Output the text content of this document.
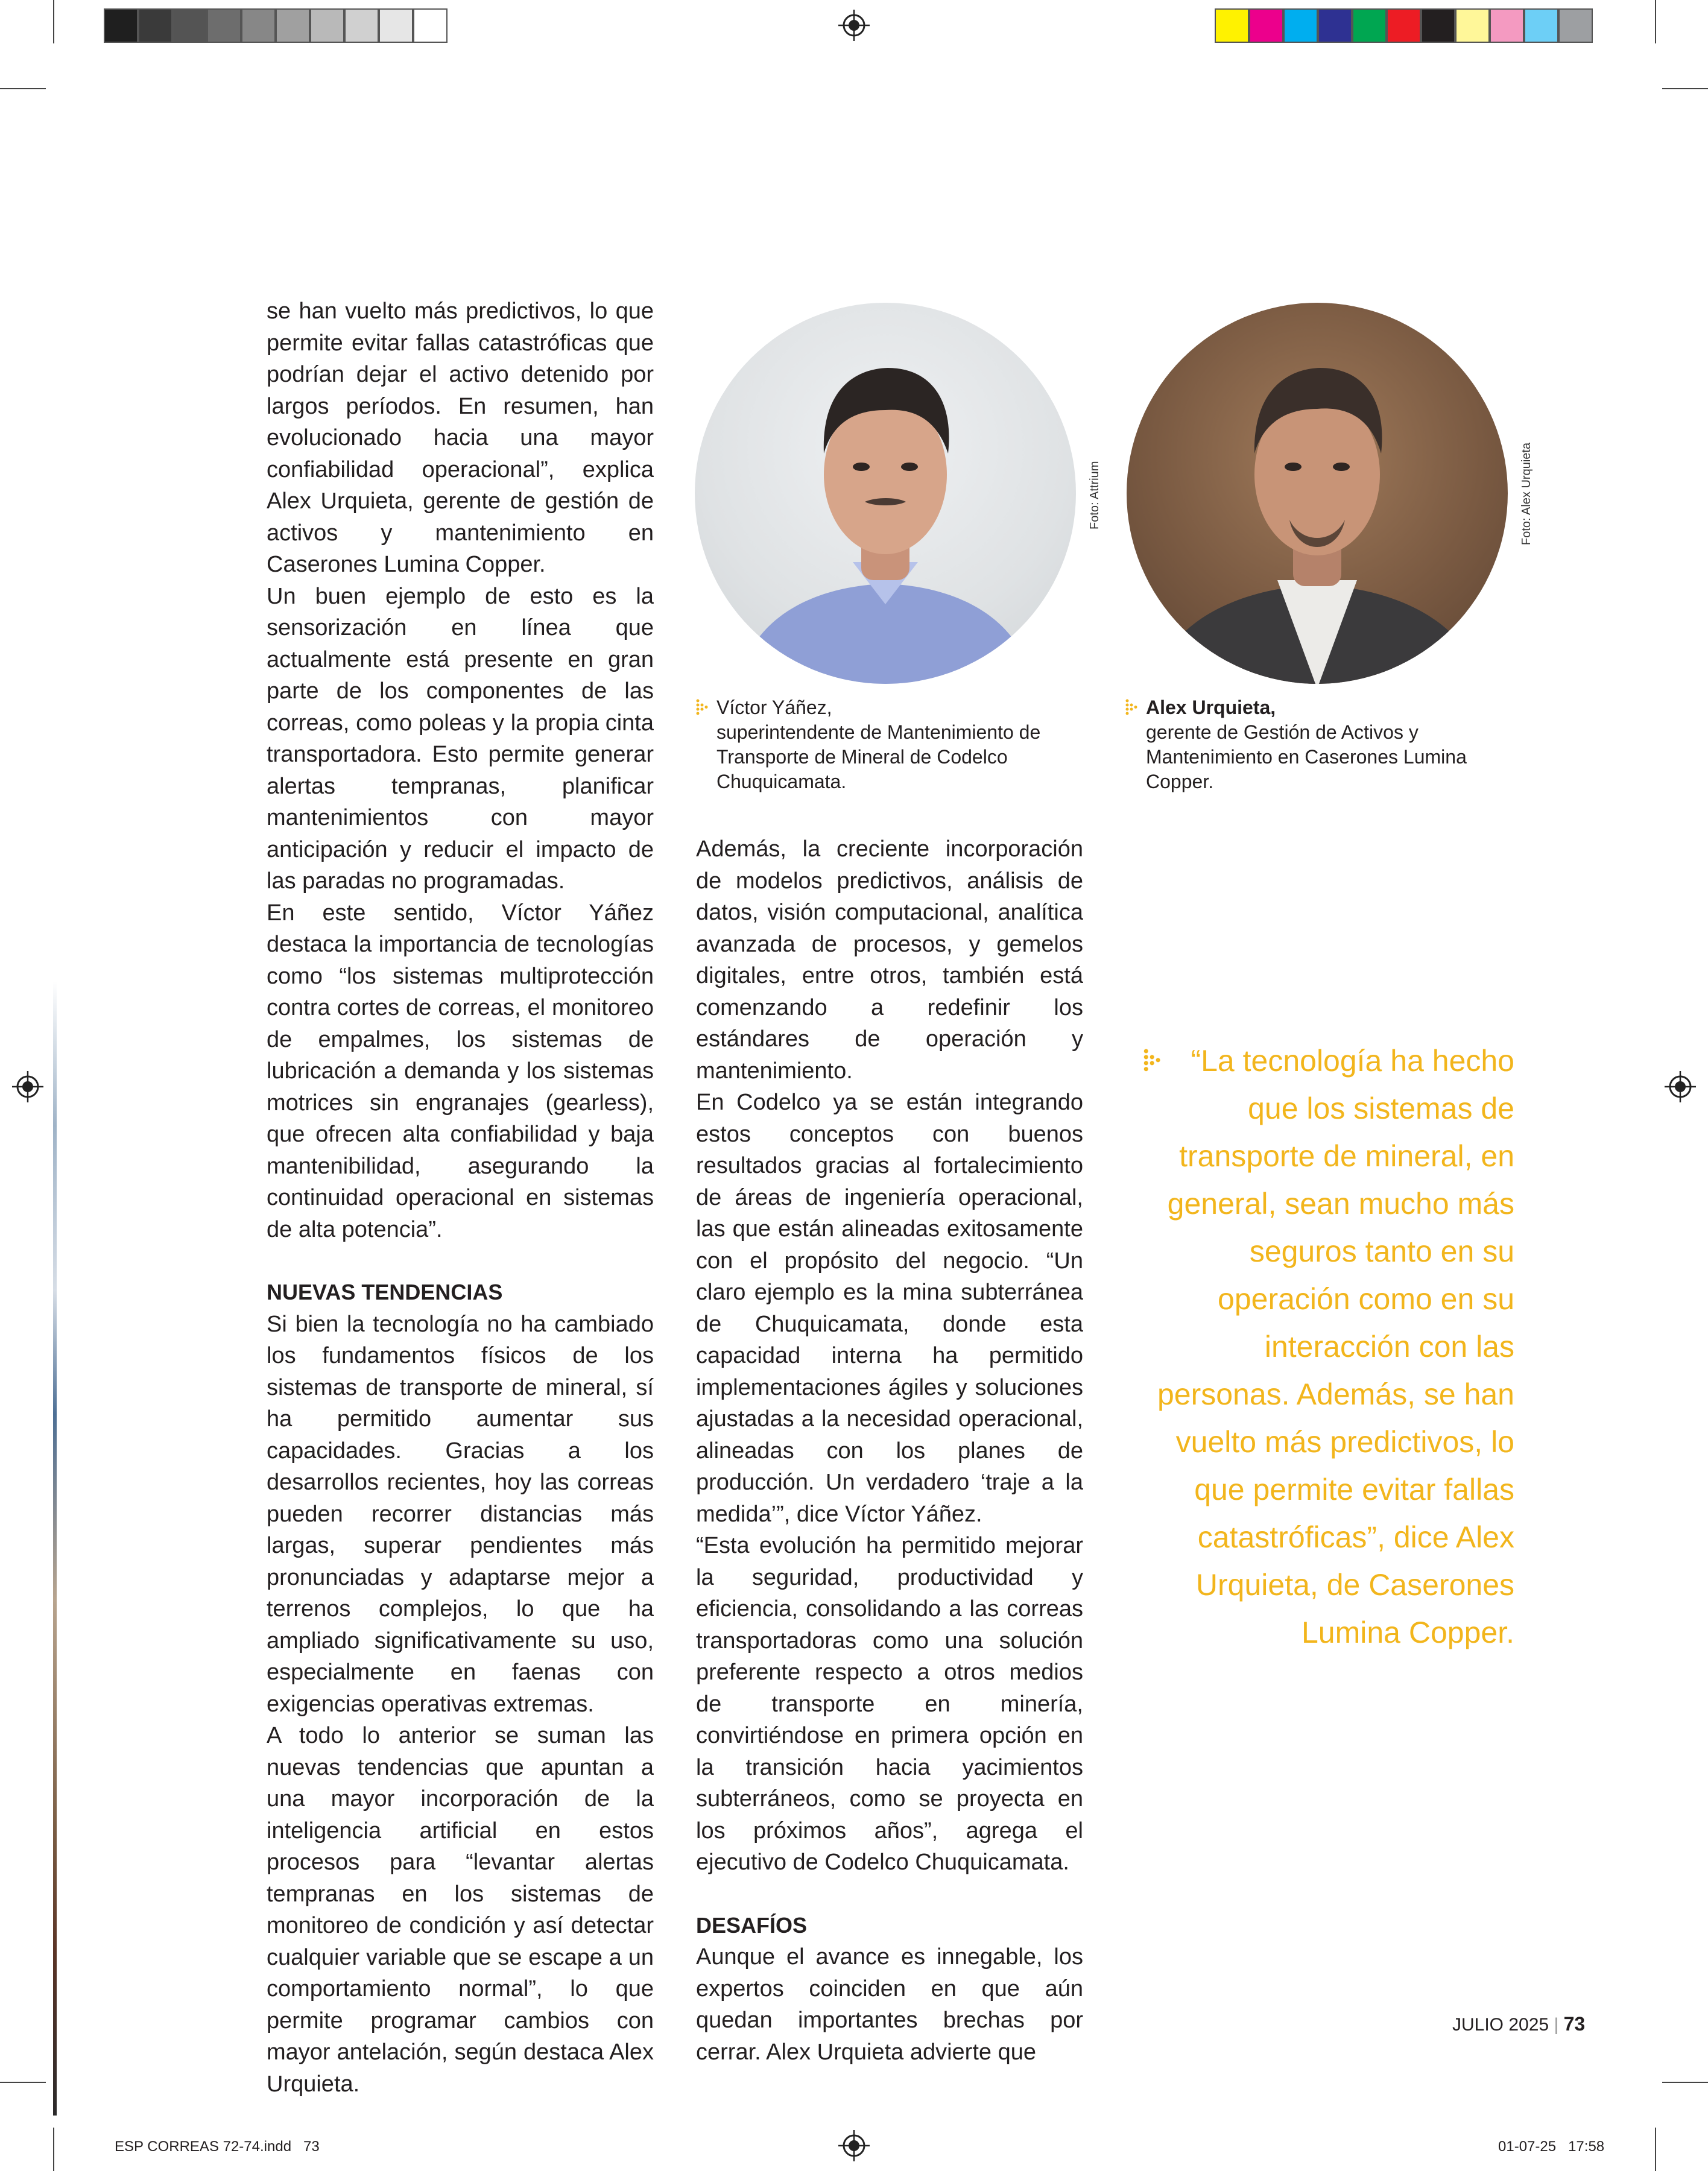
se han vuelto más predictivos, lo que permite evitar fallas catastróficas que podrían dejar el activo detenido por largos períodos. En resumen, han evolucionado hacia una mayor confiabilidad operacional”, explica Alex Urquieta, gerente de gestión de activos y mantenimiento en Caserones Lumina Copper.

Un buen ejemplo de esto es la sensorización en línea que actualmente está presente en gran parte de los componentes de las correas, como poleas y la propia cinta transportadora. Esto permite generar alertas tempranas, planificar mantenimientos con mayor anticipación y reducir el impacto de las paradas no programadas.

En este sentido, Víctor Yáñez destaca la importancia de tecnologías como “los sistemas multiprotección contra cortes de correas, el monitoreo de empalmes, los sistemas de lubricación a demanda y los sistemas motrices sin engranajes (gearless), que ofrecen alta confiabilidad y baja mantenibilidad, asegurando la continuidad operacional en sistemas de alta potencia”.

NUEVAS TENDENCIAS

Si bien la tecnología no ha cambiado los fundamentos físicos de los sistemas de transporte de mineral, sí ha permitido aumentar sus capacidades. Gracias a los desarrollos recientes, hoy las correas pueden recorrer distancias más largas, superar pendientes más pronunciadas y adaptarse mejor a terrenos complejos, lo que ha ampliado significativamente su uso, especialmente en faenas con exigencias operativas extremas.

A todo lo anterior se suman las nuevas tendencias que apuntan a una mayor incorporación de la inteligencia artificial en estos procesos para “levantar alertas tempranas en los sistemas de monitoreo de condición y así detectar cualquier variable que se escape a un comportamiento normal”, lo que permite programar cambios con mayor antelación, según destaca Alex Urquieta.

Foto: Attrium	Foto: Alex Urquieta
Víctor Yáñez,
superintendente de Mantenimiento de Transporte de Mineral de Codelco Chuquicamata.
Alex Urquieta,
gerente de Gestión de Activos y Mantenimiento en Caserones Lumina Copper.

Además, la creciente incorporación de modelos predictivos, análisis de datos, visión computacional, analítica avanzada de procesos, y gemelos digitales, entre otros, también está comenzando a redefinir los estándares de operación y mantenimiento.

En Codelco ya se están integrando estos conceptos con buenos resultados gracias al fortalecimiento de áreas de ingeniería operacional, las que están alineadas exitosamente con el propósito del negocio. “Un claro ejemplo es la mina subterránea de Chuquicamata, donde esta capacidad interna ha permitido implementaciones ágiles y soluciones ajustadas a la necesidad operacional, alineadas con los planes de producción. Un verdadero ‘traje a la medida’”, dice Víctor Yáñez.

“Esta evolución ha permitido mejorar la seguridad, productividad y eficiencia, consolidando a las correas transportadoras como una solución preferente respecto a otros medios de transporte en minería, convirtiéndose en primera opción en la transición hacia yacimientos subterráneos, como se proyecta en los próximos años”, agrega el ejecutivo de Codelco Chuquicamata.

DESAFÍOS

Aunque el avance es innegable, los expertos coinciden en que aún quedan importantes brechas por cerrar. Alex Urquieta advierte que

“La tecnología ha hecho que los sistemas de transporte de mineral, en general, sean mucho más seguros tanto en su operación como en su interacción con las personas. Además, se han vuelto más predictivos, lo que permite evitar fallas catastróficas”, dice Alex Urquieta, de Caserones Lumina Copper.
JULIO 2025 | 73
ESP CORREAS 72-74.indd   73	01-07-25   17:58
